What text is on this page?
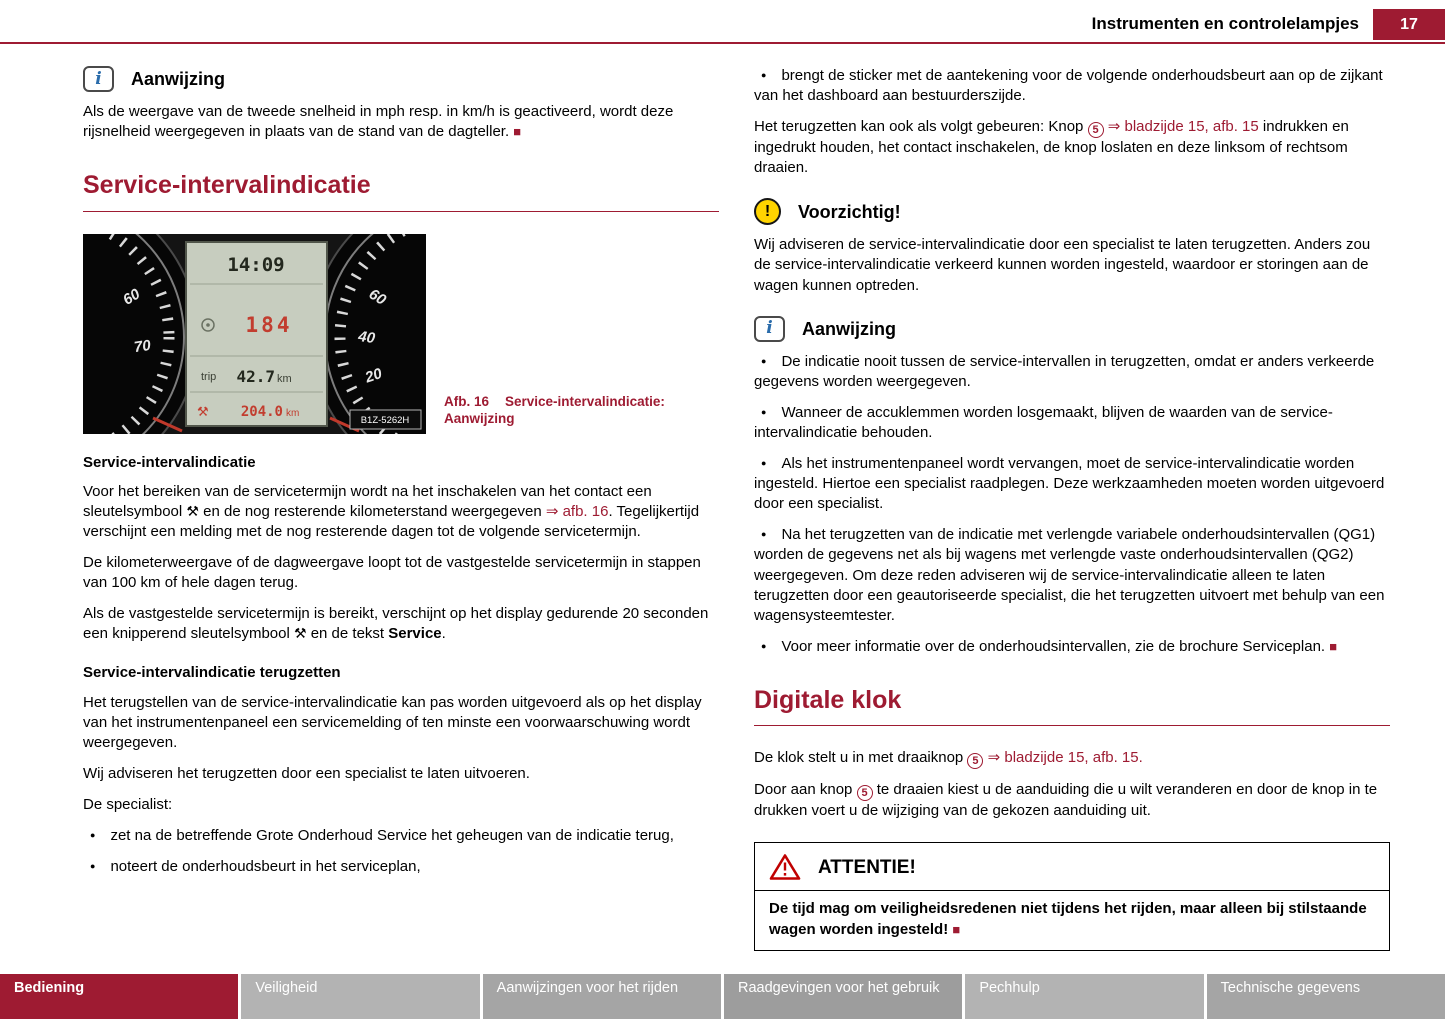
Instrumenten en controlelampjes	17
i Aanwijzing

Als de weergave van de tweede snelheid in mph resp. in km/h is geactiveerd, wordt deze rijsnelheid weergegeven in plaats van de stand van de dagteller. ■

Service-intervalindicatie
60
70
60
40
20
14:09
184
trip 42.7 km
⚒ 204.0 km
B1Z-5262H
Afb. 16 Service-intervalindicatie: Aanwijzing
Service-intervalindicatie

Voor het bereiken van de servicetermijn wordt na het inschakelen van het contact een sleutelsymbool ⚒ en de nog resterende kilometerstand weergegeven ⇒ afb. 16. Tegelijkertijd verschijnt een melding met de nog resterende dagen tot de volgende servicetermijn.

De kilometerweergave of de dagweergave loopt tot de vastgestelde servicetermijn in stappen van 100 km of hele dagen terug.

Als de vastgestelde servicetermijn is bereikt, verschijnt op het display gedurende 20 seconden een knipperend sleutelsymbool ⚒ en de tekst Service.

Service-intervalindicatie terugzetten

Het terugstellen van de service-intervalindicatie kan pas worden uitgevoerd als op het display van het instrumentenpaneel een servicemelding of ten minste een voorwaarschuwing wordt weergegeven.

Wij adviseren het terugzetten door een specialist te laten uitvoeren.

De specialist:

● zet na de betreffende Grote Onderhoud Service het geheugen van de indicatie terug,

● noteert de onderhoudsbeurt in het serviceplan,

● brengt de sticker met de aantekening voor de volgende onderhoudsbeurt aan op de zijkant van het dashboard aan bestuurderszijde.

Het terugzetten kan ook als volgt gebeuren: Knop 5 ⇒ bladzijde 15, afb. 15 indrukken en ingedrukt houden, het contact inschakelen, de knop loslaten en deze linksom of rechtsom draaien.

!	Voorzichtig!

Wij adviseren de service-intervalindicatie door een specialist te laten terugzetten. Anders zou de service-intervalindicatie verkeerd kunnen worden ingesteld, waardoor er storingen aan de wagen kunnen optreden.

i Aanwijzing

● De indicatie nooit tussen de service-intervallen in terugzetten, omdat er anders verkeerde gegevens worden weergegeven.

● Wanneer de accuklemmen worden losgemaakt, blijven de waarden van de service-intervalindicatie behouden.

● Als het instrumentenpaneel wordt vervangen, moet de service-intervalindicatie worden ingesteld. Hiertoe een specialist raadplegen. Deze werkzaamheden moeten worden uitgevoerd door een specialist.

● Na het terugzetten van de indicatie met verlengde variabele onderhoudsintervallen (QG1) worden de gegevens net als bij wagens met verlengde vaste onderhoudsintervallen (QG2) weergegeven. Om deze reden adviseren wij de service-intervalindicatie alleen te laten terugzetten door een geautoriseerde specialist, die het terugzetten uitvoert met behulp van een wagensysteemtester.

● Voor meer informatie over de onderhoudsintervallen, zie de brochure Serviceplan. ■

Digitale klok

De klok stelt u in met draaiknop 5 ⇒ bladzijde 15, afb. 15.

Door aan knop 5 te draaien kiest u de aanduiding die u wilt veranderen en door de knop in te drukken voert u de wijziging van de gekozen aanduiding uit.

ATTENTIE!
De tijd mag om veiligheidsredenen niet tijdens het rijden, maar alleen bij stilstaande wagen worden ingesteld! ■
Bediening	Veiligheid	Aanwijzingen voor het rijden	Raadgevingen voor het gebruik	Pechhulp	Technische gegevens
